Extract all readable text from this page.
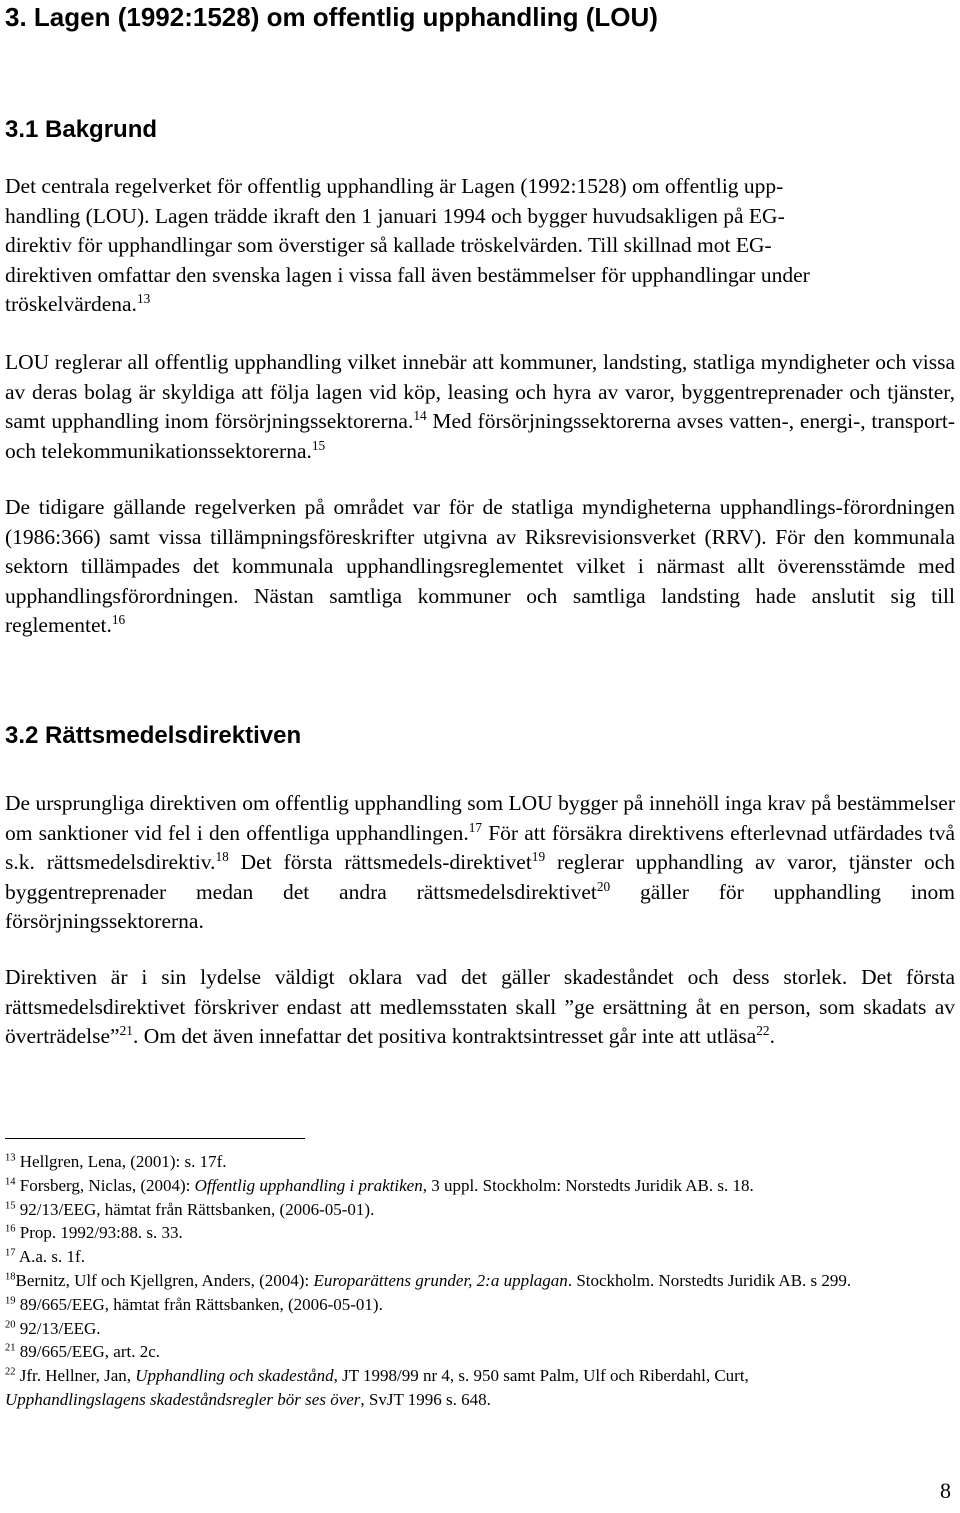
3. Lagen (1992:1528) om offentlig upphandling (LOU)
3.1 Bakgrund
Det centrala regelverket för offentlig upphandling är Lagen (1992:1528) om offentlig upp-
handling (LOU). Lagen trädde ikraft den 1 januari 1994 och bygger huvudsakligen på EG-
direktiv för upphandlingar som överstiger så kallade tröskelvärden. Till skillnad mot EG-
direktiven omfattar den svenska lagen i vissa fall även bestämmelser för upphandlingar under
tröskelvärdena.$^{13}$

LOU reglerar all offentlig upphandling vilket innebär att kommuner, landsting, statliga myndigheter och vissa av deras bolag är skyldiga att följa lagen vid köp, leasing och hyra av varor, byggentreprenader och tjänster, samt upphandling inom försörjningssektorerna.$^{14}$ Med försörjningssektorerna avses vatten-, energi-, transport- och telekommunikationssektorerna.$^{15}$

De tidigare gällande regelverken på området var för de statliga myndigheterna upphandlings-förordningen (1986:366) samt vissa tillämpningsföreskrifter utgivna av Riksrevisionsverket (RRV). För den kommunala sektorn tillämpades det kommunala upphandlingsreglementet vilket i närmast allt överensstämde med upphandlingsförordningen. Nästan samtliga kommuner och samtliga landsting hade anslutit sig till reglementet.$^{16}$

3.2 Rättsmedelsdirektiven

De ursprungliga direktiven om offentlig upphandling som LOU bygger på innehöll inga krav på bestämmelser om sanktioner vid fel i den offentliga upphandlingen.$^{17}$ För att försäkra direktivens efterlevnad utfärdades två s.k. rättsmedelsdirektiv.$^{18}$ Det första rättsmedels-direktivet$^{19}$ reglerar upphandling av varor, tjänster och byggentreprenader medan det andra rättsmedelsdirektivet$^{20}$ gäller för upphandling inom försörjningssektorerna.

Direktiven är i sin lydelse väldigt oklara vad det gäller skadeståndet och dess storlek. Det första rättsmedelsdirektivet förskriver endast att medlemsstaten skall ”ge ersättning åt en person, som skadats av överträdelse”$^{21}$. Om det även innefattar det positiva kontraktsintresset går inte att utläsa$^{22}$.

$^{13}$ Hellgren, Lena, (2001): s. 17f.

$^{14}$ Forsberg, Niclas, (2004): Offentlig upphandling i praktiken, 3 uppl. Stockholm: Norstedts Juridik AB. s. 18.

$^{15}$ 92/13/EEG, hämtat från Rättsbanken, (2006-05-01).

$^{16}$ Prop. 1992/93:88. s. 33.

$^{17}$ A.a. s. 1f.

$^{18}$Bernitz, Ulf och Kjellgren, Anders, (2004): Europarättens grunder, 2:a upplagan. Stockholm. Norstedts Juridik AB. s 299.

$^{19}$ 89/665/EEG, hämtat från Rättsbanken, (2006-05-01).

$^{20}$ 92/13/EEG.

$^{21}$ 89/665/EEG, art. 2c.

$^{22}$ Jfr. Hellner, Jan, Upphandling och skadestånd, JT 1998/99 nr 4, s. 950 samt Palm, Ulf och Riberdahl, Curt,
Upphandlingslagens skadeståndsregler bör ses över, SvJT 1996 s. 648.

8
